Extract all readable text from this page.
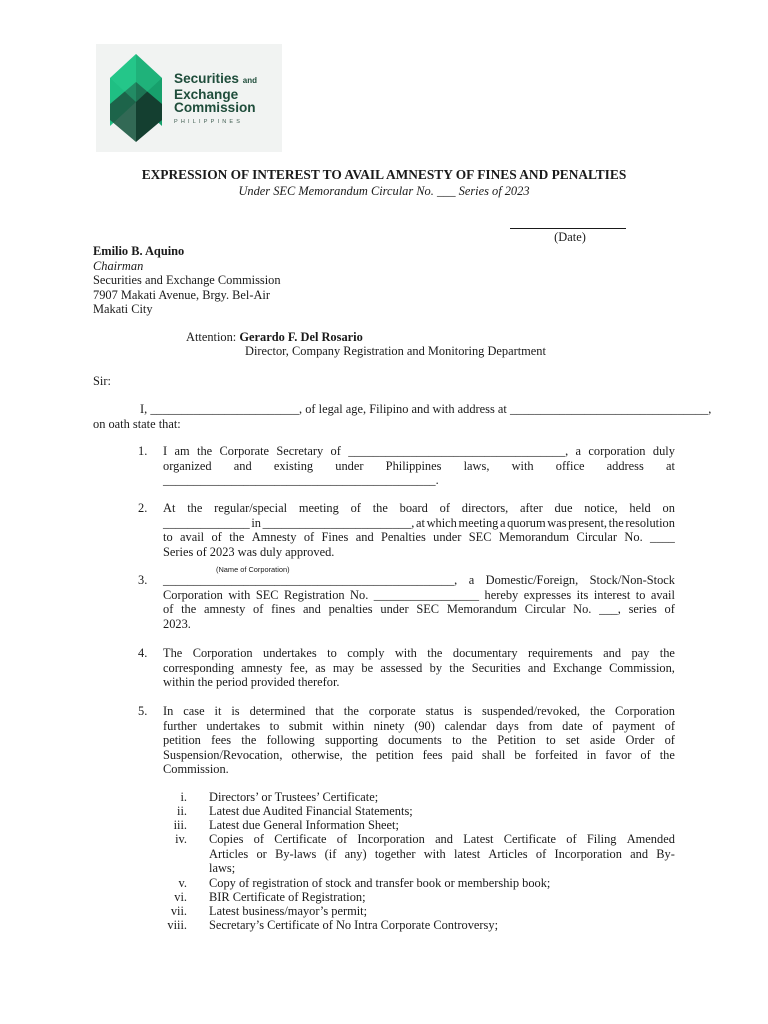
Securities and
Exchange
Commission
PHILIPPINES
EXPRESSION OF INTEREST TO AVAIL AMNESTY OF FINES AND PENALTIES
Under SEC Memorandum Circular No. ___ Series of 2023
(Date)
Emilio B. Aquino
Chairman
Securities and Exchange Commission
7907 Makati Avenue, Brgy. Bel-Air
Makati City
Attention: Gerardo F. Del Rosario
Director, Company Registration and Monitoring Department
Sir:
I, ________________________, of legal age, Filipino and with address at ________________________________,
on oath state that:
1. I am the Corporate Secretary of ___________________________________, a corporation duly
organized and existing under Philippines laws, with office address at
____________________________________________.
2. At the regular/special meeting of the board of directors, after due notice, held on
______________ in ________________________, at which meeting a quorum was present, the resolution
to avail of the Amnesty of Fines and Penalties under SEC Memorandum Circular No. ____
Series of 2023 was duly approved.
(Name of Corporation)
3. _______________________________________________, a Domestic/Foreign, Stock/Non-Stock
Corporation with SEC Registration No. _________________ hereby expresses its interest to avail
of the amnesty of fines and penalties under SEC Memorandum Circular No. ___, series of
2023.
4. The Corporation undertakes to comply with the documentary requirements and pay the
corresponding amnesty fee, as may be assessed by the Securities and Exchange Commission,
within the period provided therefor.
5. In case it is determined that the corporate status is suspended/revoked, the Corporation
further undertakes to submit within ninety (90) calendar days from date of payment of
petition fees the following supporting documents to the Petition to set aside Order of
Suspension/Revocation, otherwise, the petition fees paid shall be forfeited in favor of the
Commission.
i. Directors’ or Trustees’ Certificate;
ii. Latest due Audited Financial Statements;
iii. Latest due General Information Sheet;
iv. Copies of Certificate of Incorporation and Latest Certificate of Filing Amended
Articles or By-laws (if any) together with latest Articles of Incorporation and By-
laws;
v. Copy of registration of stock and transfer book or membership book;
vi. BIR Certificate of Registration;
vii. Latest business/mayor’s permit;
viii. Secretary’s Certificate of No Intra Corporate Controversy;
